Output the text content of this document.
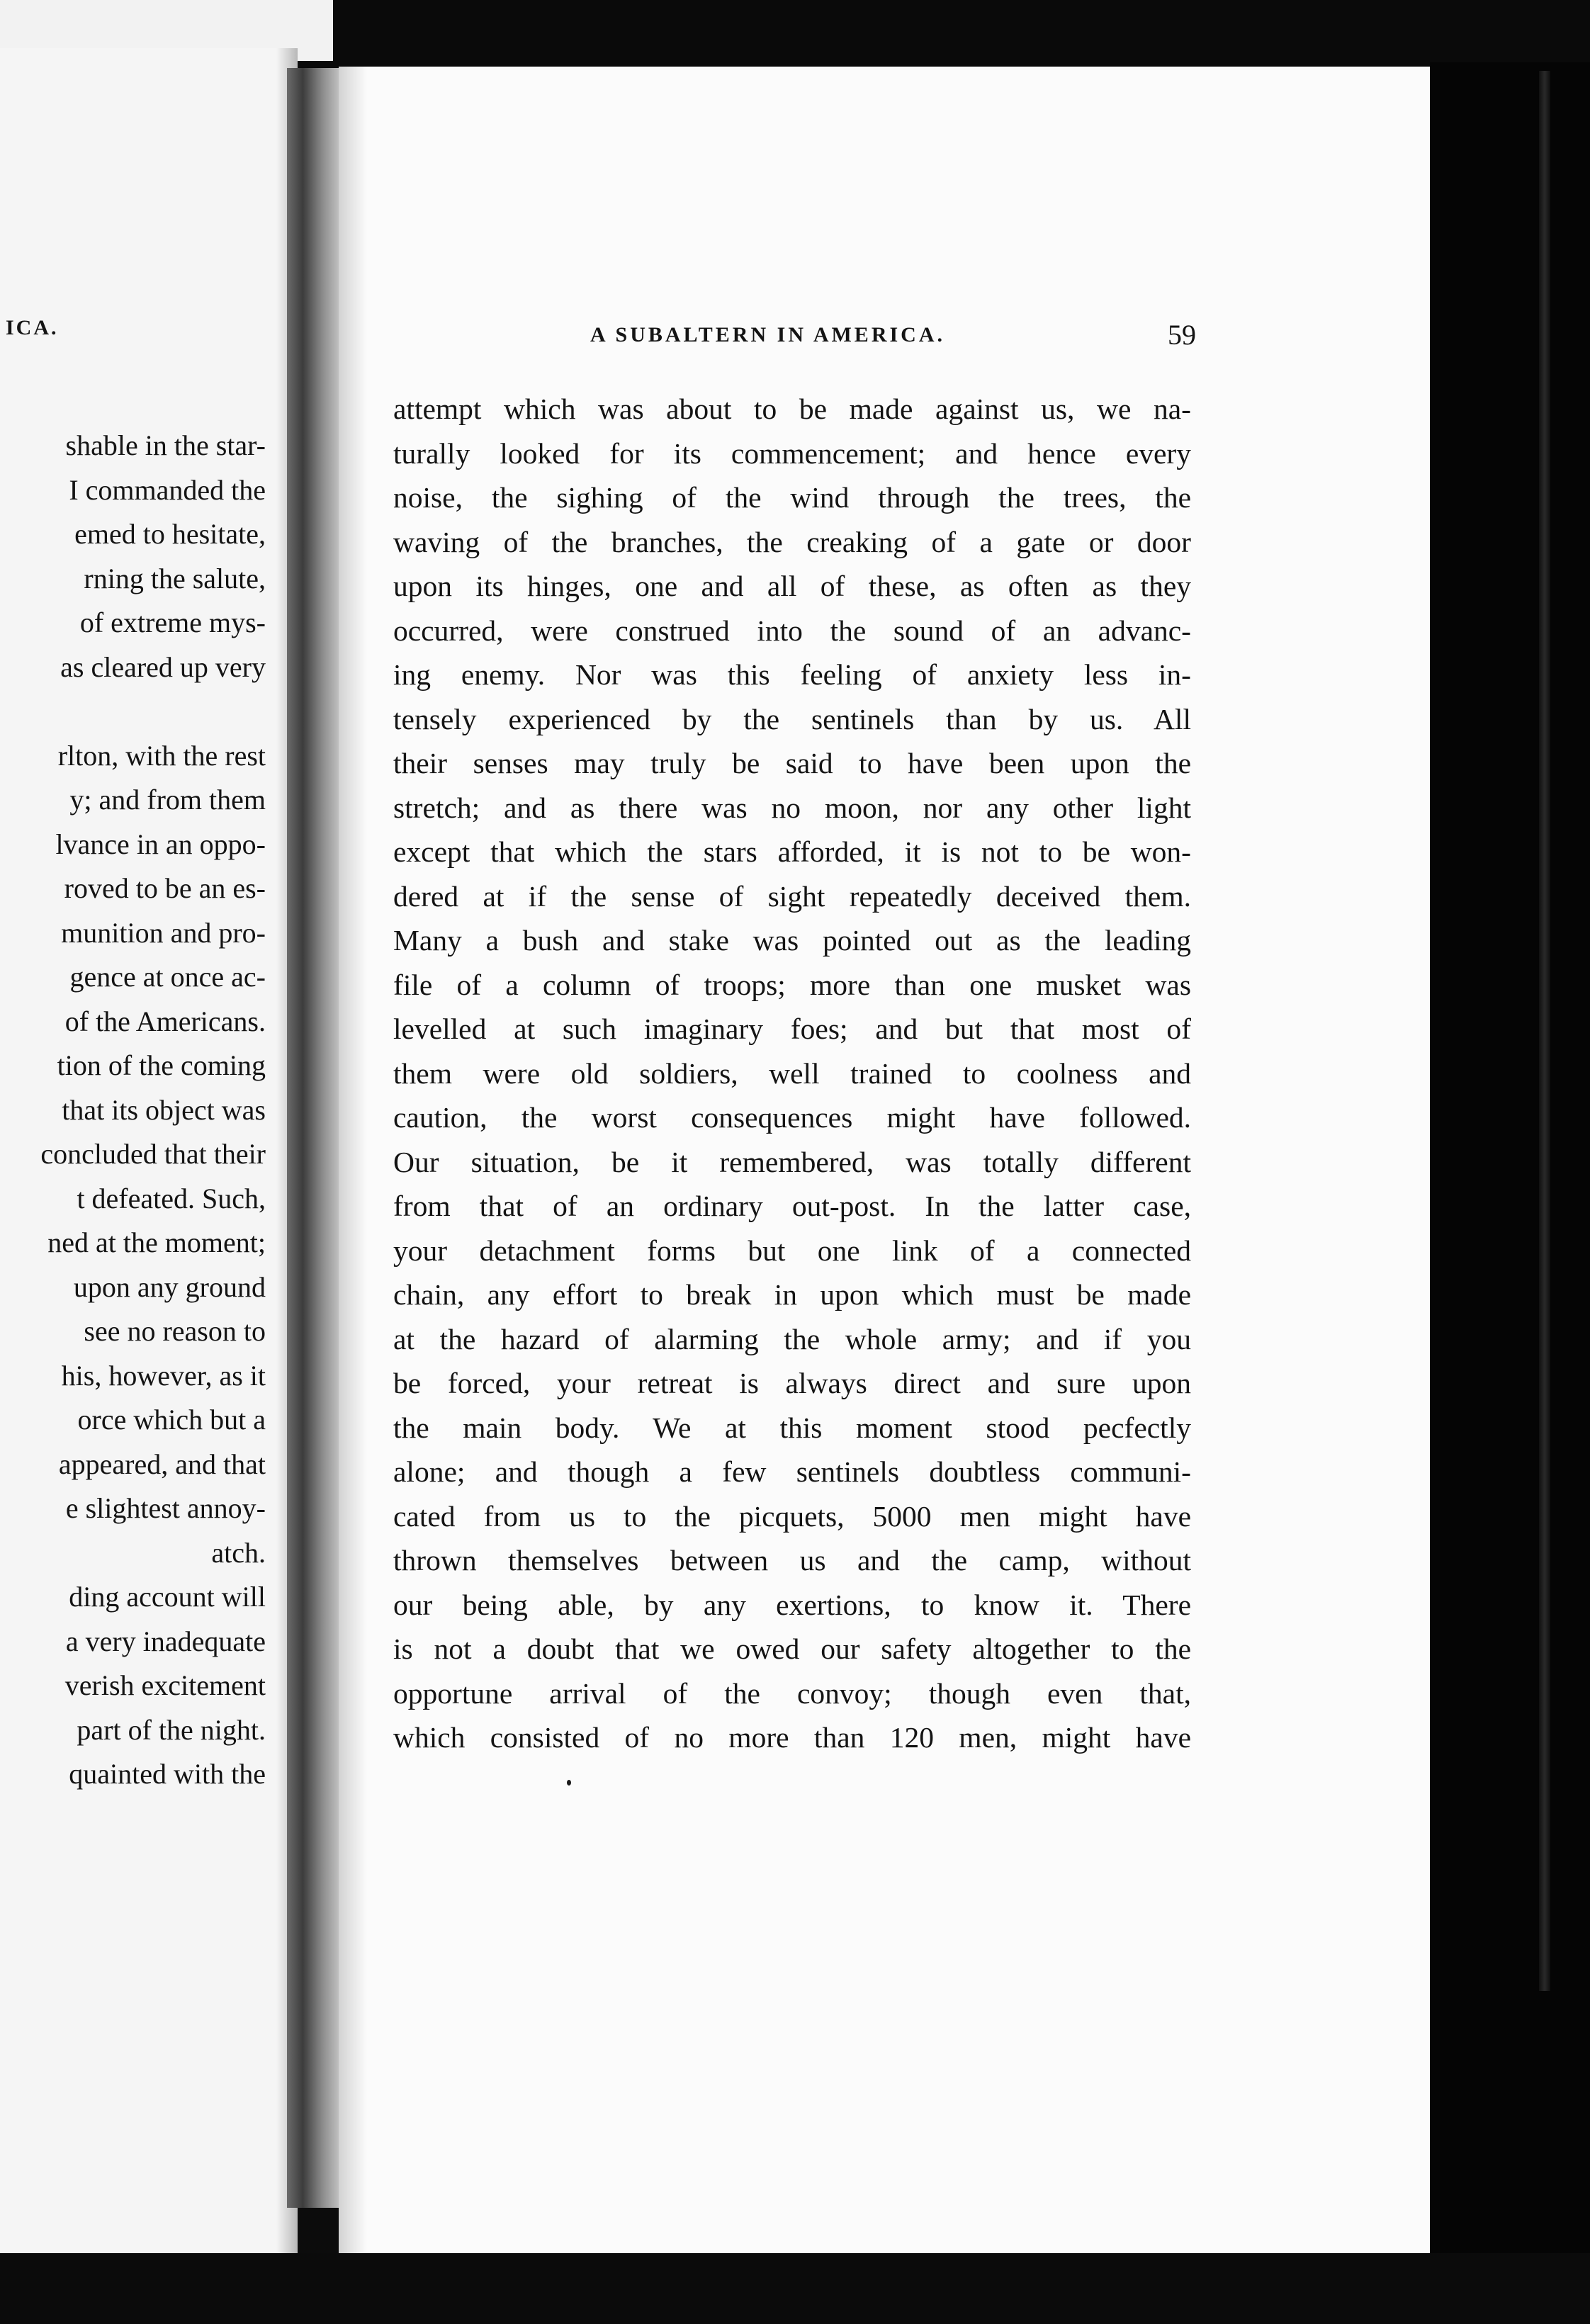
ICA.
shable in the star-
I commanded the
emed to hesitate,
rning the salute,
of extreme mys-
as cleared up very
rlton, with the rest
y; and from them
lvance in an oppo-
roved to be an es-
munition and pro-
gence at once ac-
of the Americans.
tion of the coming
that its object was
concluded that their
t defeated. Such,
ned at the moment;
upon any ground
see no reason to
his, however, as it
orce which but a
appeared, and that
e slightest annoy-
atch.
ding account will
a very inadequate
verish excitement
part of the night.
quainted with the
A SUBALTERN IN AMERICA.	59
attempt which was about to be made against us, we na-
turally looked for its commencement; and hence every
noise, the sighing of the wind through the trees, the
waving of the branches, the creaking of a gate or door
upon its hinges, one and all of these, as often as they
occurred, were construed into the sound of an advanc-
ing enemy. Nor was this feeling of anxiety less in-
tensely experienced by the sentinels than by us. All
their senses may truly be said to have been upon the
stretch; and as there was no moon, nor any other light
except that which the stars afforded, it is not to be won-
dered at if the sense of sight repeatedly deceived them.
Many a bush and stake was pointed out as the leading
file of a column of troops; more than one musket was
levelled at such imaginary foes; and but that most of
them were old soldiers, well trained to coolness and
caution, the worst consequences might have followed.
Our situation, be it remembered, was totally different
from that of an ordinary out-post. In the latter case,
your detachment forms but one link of a connected
chain, any effort to break in upon which must be made
at the hazard of alarming the whole army; and if you
be forced, your retreat is always direct and sure upon
the main body. We at this moment stood pecfectly
alone; and though a few sentinels doubtless communi-
cated from us to the picquets, 5000 men might have
thrown themselves between us and the camp, without
our being able, by any exertions, to know it. There
is not a doubt that we owed our safety altogether to the
opportune arrival of the convoy; though even that,
which consisted of no more than 120 men, might have
